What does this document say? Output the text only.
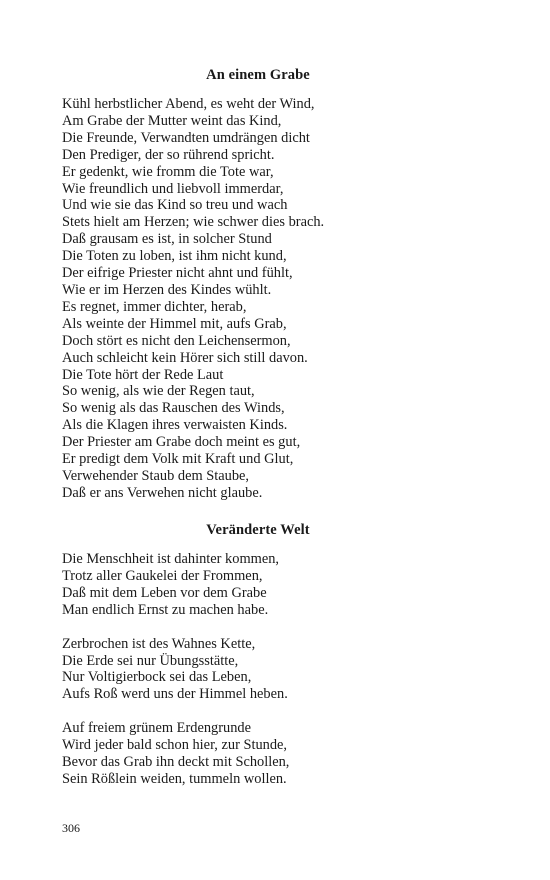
An einem Grabe
Kühl herbstlicher Abend, es weht der Wind,
Am Grabe der Mutter weint das Kind,
Die Freunde, Verwandten umdrängen dicht
Den Prediger, der so rührend spricht.
Er gedenkt, wie fromm die Tote war,
Wie freundlich und liebvoll immerdar,
Und wie sie das Kind so treu und wach
Stets hielt am Herzen; wie schwer dies brach.
Daß grausam es ist, in solcher Stund
Die Toten zu loben, ist ihm nicht kund,
Der eifrige Priester nicht ahnt und fühlt,
Wie er im Herzen des Kindes wühlt.
Es regnet, immer dichter, herab,
Als weinte der Himmel mit, aufs Grab,
Doch stört es nicht den Leichensermon,
Auch schleicht kein Hörer sich still davon.
Die Tote hört der Rede Laut
So wenig, als wie der Regen taut,
So wenig als das Rauschen des Winds,
Als die Klagen ihres verwaisten Kinds.
Der Priester am Grabe doch meint es gut,
Er predigt dem Volk mit Kraft und Glut,
Verwehender Staub dem Staube,
Daß er ans Verwehen nicht glaube.
Veränderte Welt
Die Menschheit ist dahinter kommen,
Trotz aller Gaukelei der Frommen,
Daß mit dem Leben vor dem Grabe
Man endlich Ernst zu machen habe.
Zerbrochen ist des Wahnes Kette,
Die Erde sei nur Übungsstätte,
Nur Voltigierbock sei das Leben,
Aufs Roß werd uns der Himmel heben.
Auf freiem grünem Erdengrunde
Wird jeder bald schon hier, zur Stunde,
Bevor das Grab ihn deckt mit Schollen,
Sein Rößlein weiden, tummeln wollen.
306
